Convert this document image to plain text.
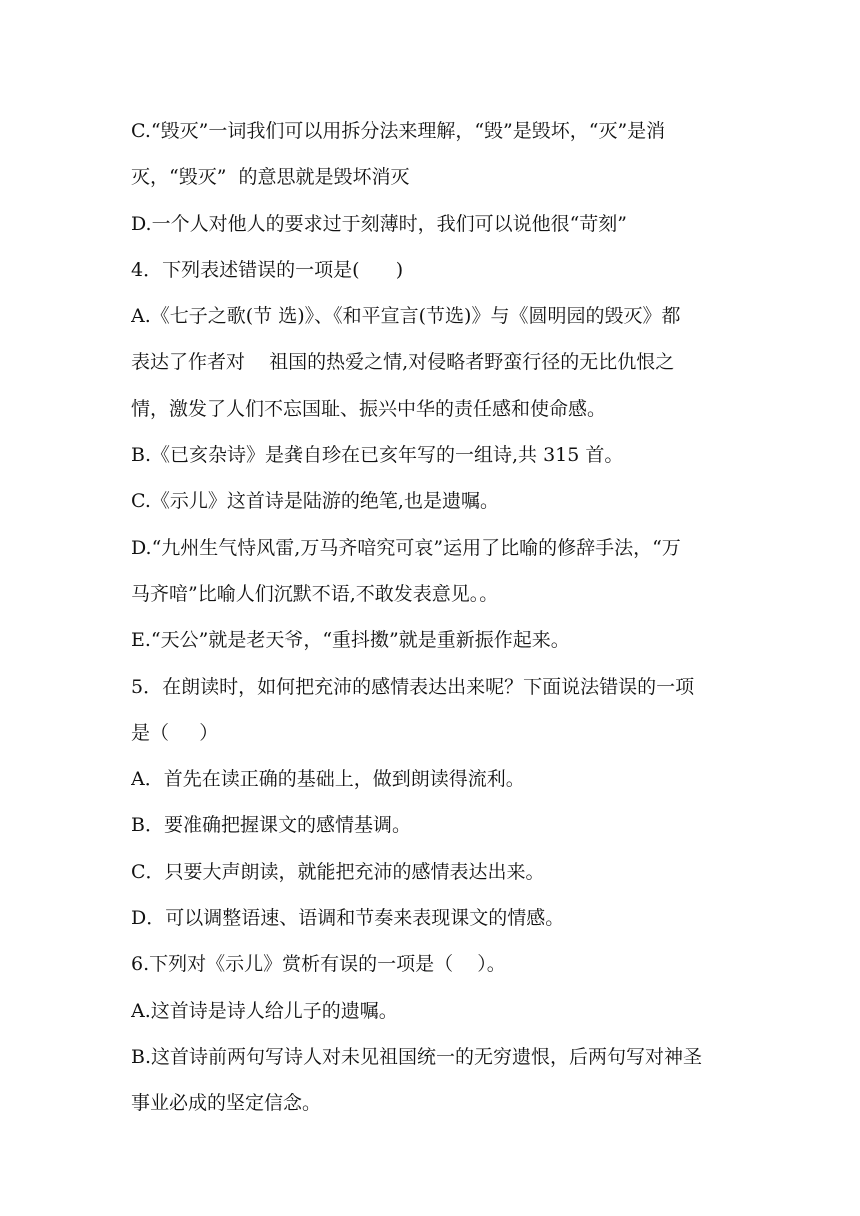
C.“毁灭”一词我们可以用拆分法来理解，“毁”是毁坏，“灭”是消
灭，“毁灭”  的意思就是毁坏消灭
D.一个人对他人的要求过于刻薄时，我们可以说他很“苛刻”
4．下列表述错误的一项是(      )
A.《七子之歌(节 选)》、《和平宣言(节选)》与《圆明园的毁灭》都
表达了作者对    祖国的热爱之情,对侵略者野蛮行径的无比仇恨之
情，激发了人们不忘国耻、振兴中华的责任感和使命感。
B.《已亥杂诗》是龚自珍在已亥年写的一组诗,共 315 首。
C.《示儿》这首诗是陆游的绝笔,也是遗嘱。
D.“九州生气恃风雷,万马齐喑究可哀”运用了比喻的修辞手法，“万
马齐喑”比喻人们沉默不语,不敢发表意见。。
E.“天公”就是老天爷，“重抖擞”就是重新振作起来。
5．在朗读时，如何把充沛的感情表达出来呢？下面说法错误的一项
是（     ）
A．首先在读正确的基础上，做到朗读得流利。
B．要准确把握课文的感情基调。
C．只要大声朗读，就能把充沛的感情表达出来。
D．可以调整语速、语调和节奏来表现课文的情感。
6.下列对《示儿》赏析有误的一项是（    ）。
A.这首诗是诗人给儿子的遗嘱。
B.这首诗前两句写诗人对未见祖国统一的无穷遗恨，后两句写对神圣
事业必成的坚定信念。
